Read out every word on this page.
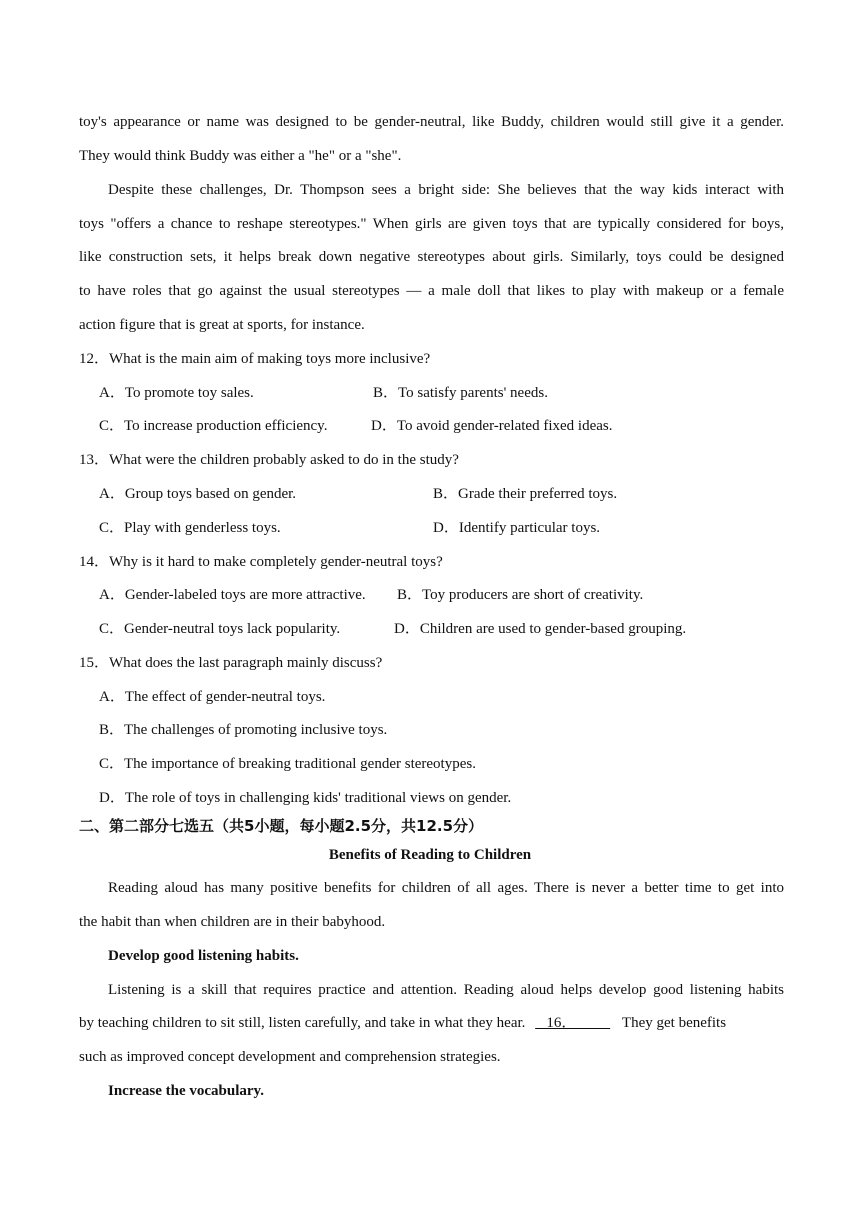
toy's appearance or name was designed to be gender-neutral, like Buddy, children would still give it a gender.
They would think Buddy was either a "he" or a "she".
Despite these challenges, Dr. Thompson sees a bright side: She believes that the way kids interact with
toys "offers a chance to reshape stereotypes." When girls are given toys that are typically considered for boys,
like construction sets, it helps break down negative stereotypes about girls. Similarly, toys could be designed
to have roles that go against the usual stereotypes — a male doll that likes to play with makeup or a female
action figure that is great at sports, for instance.
12．What is the main aim of making toys more inclusive?
A．To promote toy sales.	B．To satisfy parents' needs.
C．To increase production efficiency.	D．To avoid gender-related fixed ideas.
13．What were the children probably asked to do in the study?
A．Group toys based on gender.	B．Grade their preferred toys.
C．Play with genderless toys.	D．Identify particular toys.
14．Why is it hard to make completely gender-neutral toys?
A．Gender-labeled toys are more attractive. B．Toy producers are short of creativity.
C．Gender-neutral toys lack popularity.	D．Children are used to gender-based grouping.
15．What does the last paragraph mainly discuss?
A．The effect of gender-neutral toys.
B．The challenges of promoting inclusive toys.
C．The importance of breaking traditional gender stereotypes.
D．The role of toys in challenging kids' traditional views on gender.
二、第二部分七选五（共5小题，每小题2.5分，共12.5分）
Benefits of Reading to Children
Reading aloud has many positive benefits for children of all ages. There is never a better time to get into
the habit than when children are in their babyhood.
Develop good listening habits.
Listening is a skill that requires practice and attention. Reading aloud helps develop good listening habits
by teaching children to sit still, listen carefully, and take in what they hear.    16．          They get benefits
such as improved concept development and comprehension strategies.
Increase the vocabulary.
